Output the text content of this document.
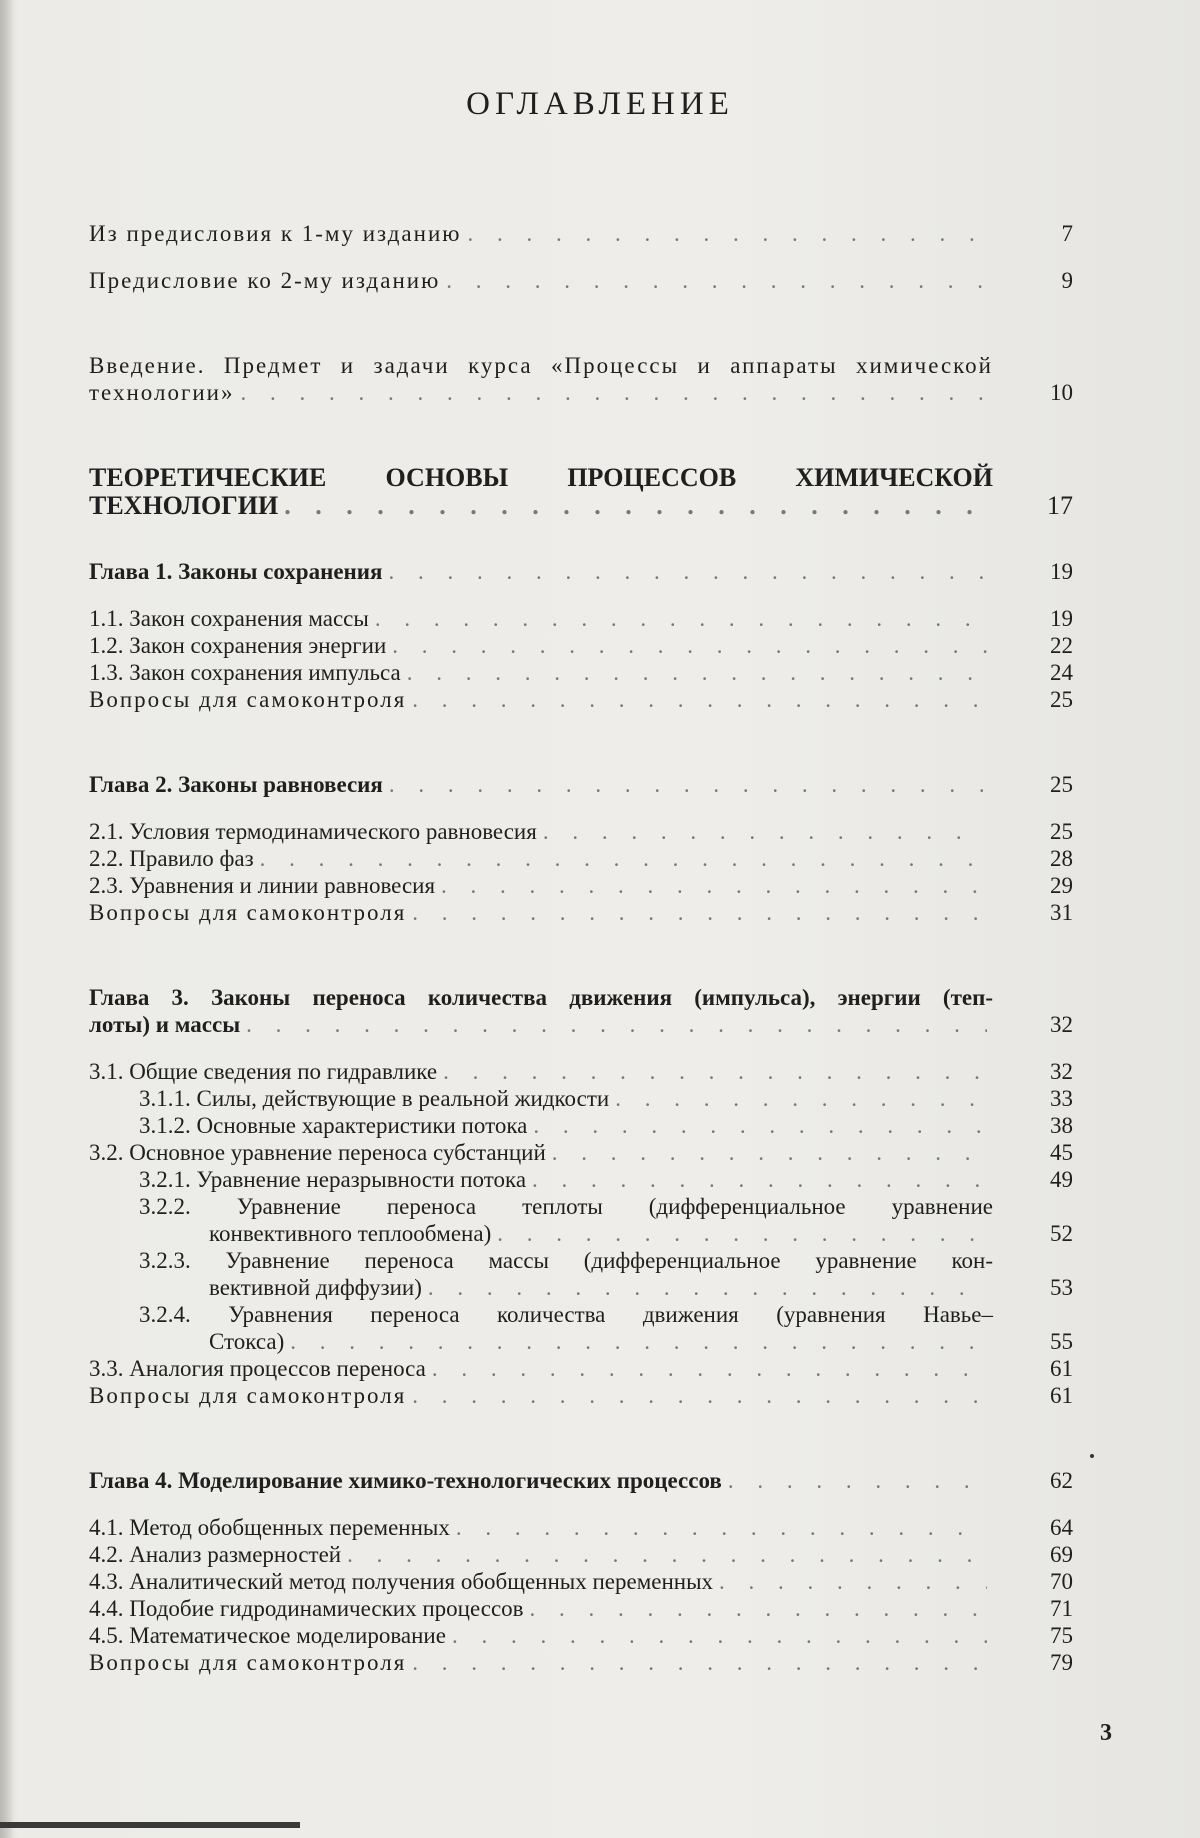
ОГЛАВЛЕНИЕ
Из предисловия к 1-му изданию . . .	7
Предисловие ко 2-му изданию . . .	9
Введение. Предмет и задачи курса «Процессы и аппараты химической
технологии» . . .	10
ТЕОРЕТИЧЕСКИЕ ОСНОВЫ ПРОЦЕССОВ ХИМИЧЕСКОЙ
ТЕХНОЛОГИИ . . .	17
Глава 1. Законы сохранения . . .	19
1.1. Закон сохранения массы . . .	19
1.2. Закон сохранения энергии . . .	22
1.3. Закон сохранения импульса . . .	24
Вопросы для самоконтроля . . .	25
Глава 2. Законы равновесия . . .	25
2.1. Условия термодинамического равновесия . . .	25
2.2. Правило фаз . . .	28
2.3. Уравнения и линии равновесия . . .	29
Вопросы для самоконтроля . . .	31
Глава 3. Законы переноса количества движения (импульса), энергии (теп-
лоты) и массы . . .	32
3.1. Общие сведения по гидравлике . . .	32
3.1.1. Силы, действующие в реальной жидкости . . .	33
3.1.2. Основные характеристики потока . . .	38
3.2. Основное уравнение переноса субстанций . . .	45
3.2.1. Уравнение неразрывности потока . . .	49
3.2.2. Уравнение переноса теплоты (дифференциальное уравнение
конвективного теплообмена) . . .	52
3.2.3. Уравнение переноса массы (дифференциальное уравнение кон-
вективной диффузии) . . .	53
3.2.4. Уравнения переноса количества движения (уравнения Навье–
Стокса) . . .	55
3.3. Аналогия процессов переноса . . .	61
Вопросы для самоконтроля . . .	61
Глава 4. Моделирование химико-технологических процессов . . .	62
4.1. Метод обобщенных переменных . . .	64
4.2. Анализ размерностей . . .	69
4.3. Аналитический метод получения обобщенных переменных . . .	70
4.4. Подобие гидродинамических процессов . . .	71
4.5. Математическое моделирование . . .	75
Вопросы для самоконтроля . . .	79
3
